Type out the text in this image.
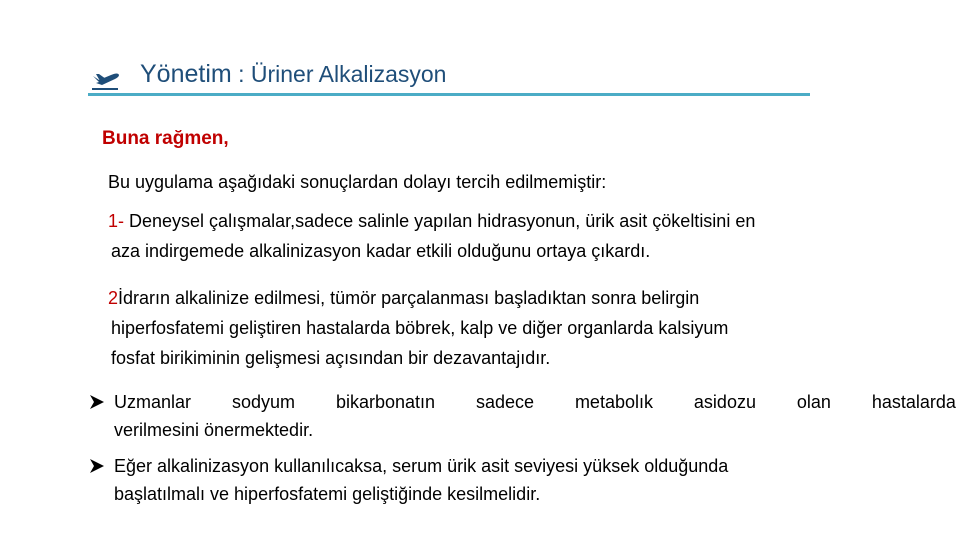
Yönetim : Üriner Alkalizasyon
Buna rağmen,
Bu uygulama aşağıdaki sonuçlardan dolayı tercih edilmemiştir:
1- Deneysel çalışmalar,sadece salinle yapılan hidrasyonun, ürik asit çökeltisini en
aza indirgemede alkalinizasyon kadar etkili olduğunu ortaya çıkardı.
2İdrarın alkalinize edilmesi, tümör parçalanması başladıktan sonra belirgin
hiperfosfatemi geliştiren hastalarda böbrek, kalp ve diğer organlarda kalsiyum
fosfat birikiminin gelişmesi açısından bir dezavantajıdır.
Uzmanlar sodyum bikarbonatın sadece metabolık asidozu olan hastalarda
verilmesini önermektedir.
Eğer alkalinizasyon kullanılıcaksa, serum ürik asit seviyesi yüksek olduğunda
başlatılmalı ve hiperfosfatemi geliştiğinde kesilmelidir.
